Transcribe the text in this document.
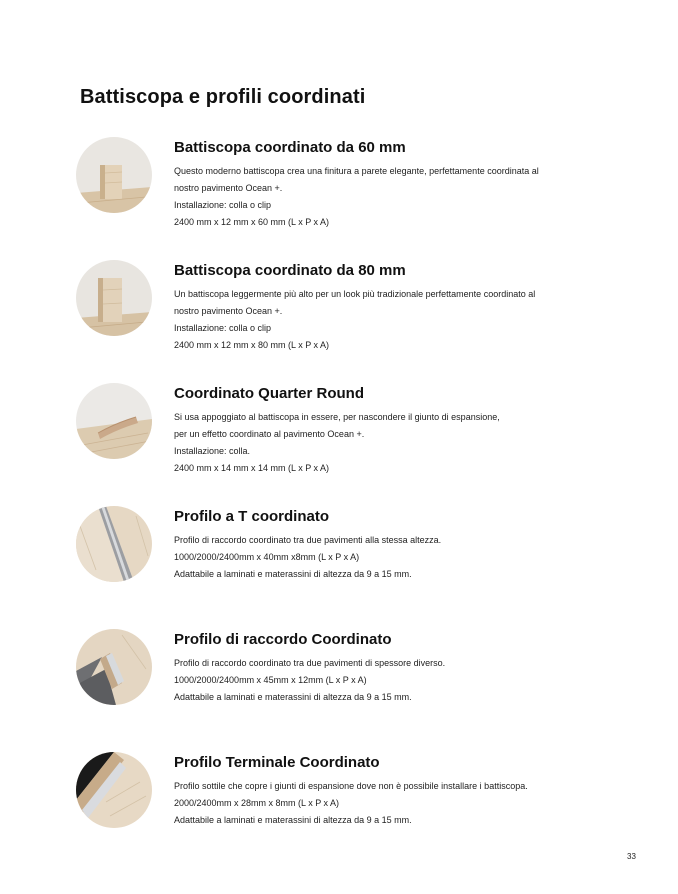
Battiscopa e profili coordinati
Battiscopa coordinato da 60 mm

Questo moderno battiscopa crea una finitura a parete elegante, perfettamente coordinata al

nostro pavimento Ocean +.

Installazione: colla o clip

2400 mm x 12 mm x 60 mm (L x P x A)

Battiscopa coordinato da 80 mm

Un battiscopa leggermente più alto per un look più tradizionale perfettamente coordinato al

nostro pavimento Ocean +.

Installazione: colla o clip

2400 mm x 12 mm x 80 mm (L x P x A)

Coordinato Quarter Round

Si usa appoggiato al battiscopa in essere, per nascondere il giunto di espansione,

per un effetto coordinato al pavimento Ocean +.

Installazione: colla.

2400 mm x 14 mm x 14 mm (L x P x A)

Profilo a T coordinato

Profilo di raccordo coordinato tra due pavimenti alla stessa altezza.

1000/2000/2400mm x 40mm x8mm (L x P x A)

Adattabile a laminati e materassini di altezza da 9 a 15 mm.

Profilo di raccordo Coordinato

Profilo di raccordo coordinato tra due pavimenti di spessore diverso.

1000/2000/2400mm x 45mm x 12mm (L x P x A)

Adattabile a laminati e materassini di altezza da 9 a 15 mm.

Profilo Terminale Coordinato

Profilo sottile che copre i giunti di espansione dove non è possibile installare i battiscopa.

2000/2400mm x 28mm x 8mm (L x P x A)

Adattabile a laminati e materassini di altezza da 9 a 15 mm.

33
